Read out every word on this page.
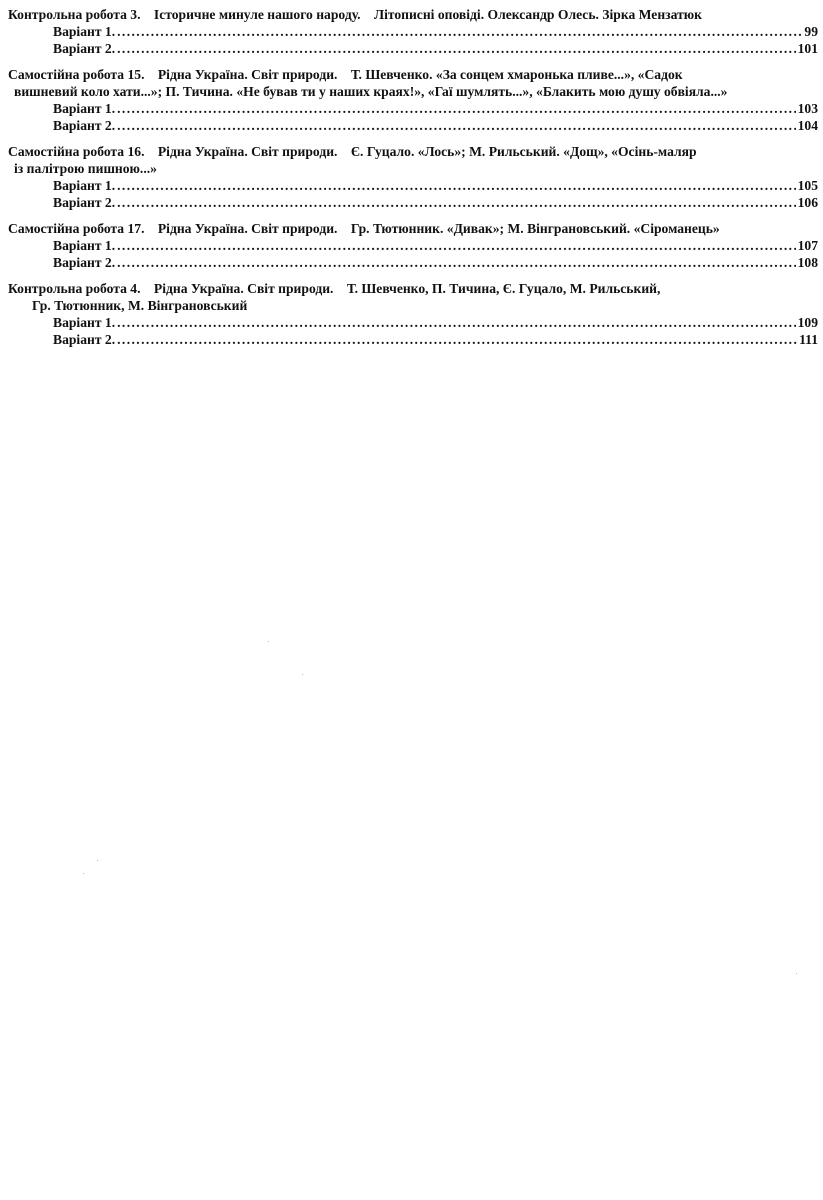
Контрольна робота 3. Історичне минуле нашого народу. Літописні оповіді. Олександр Олесь. Зірка Мензатюк
Варіант 1. . . .	99
Варіант 2. . . .	101
Самостійна робота 15. Рідна Україна. Світ природи. Т. Шевченко. «За сонцем хмаронька пливе...», «Садок
вишневий коло хати...»; П. Тичина. «Не бував ти у наших краях!», «Гаї шумлять...», «Блакить мою душу обвіяла...»
Варіант 1. . . .	103
Варіант 2. . . .	104
Самостійна робота 16. Рідна Україна. Світ природи. Є. Гуцало. «Лось»; М. Рильський. «Дощ», «Осінь-маляр
із палітрою пишною...»
Варіант 1. . . .	105
Варіант 2. . . .	106
Самостійна робота 17. Рідна Україна. Світ природи. Гр. Тютюнник. «Дивак»; М. Вінграновський. «Сіроманець»
Варіант 1. . . .	107
Варіант 2. . . .	108
Контрольна робота 4. Рідна Україна. Світ природи. Т. Шевченко, П. Тичина, Є. Гуцало, М. Рильський,
Гр. Тютюнник, М. Вінграновський
Варіант 1. . . .	109
Варіант 2. . . .	111
